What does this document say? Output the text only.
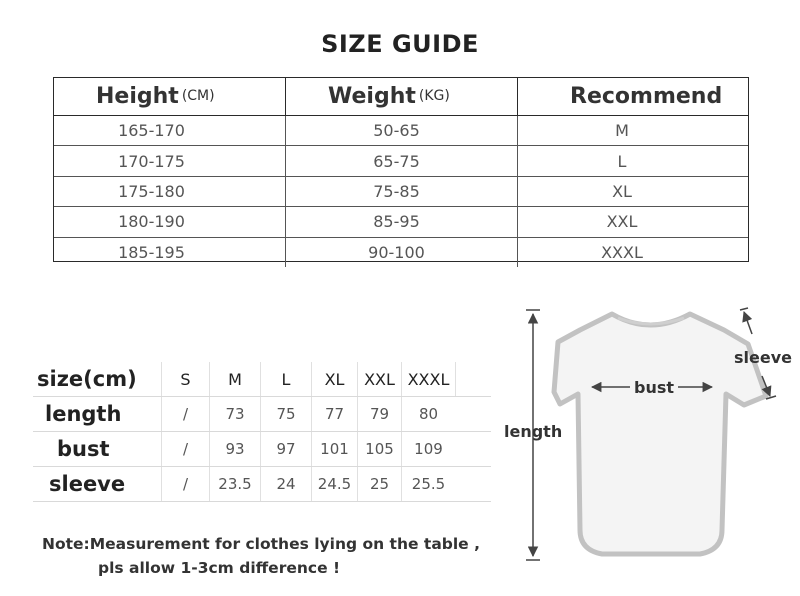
SIZE GUIDE
Height (CM)	Weight (KG)	Recommend
165-170	50-65	M
170-175	65-75	L
175-180	75-85	XL
180-190	85-95	XXL
185-195	90-100	XXXL
size(cm)	S	M	L	XL	XXL XXXL
length	/	73	75	77	79	80
bust	/	93	97	101	105	109
sleeve	/	23.5	24	24.5	25	25.5
Note:Measurement for clothes lying on the table ,
pls allow 1-3cm difference !
length
bust
sleeve
